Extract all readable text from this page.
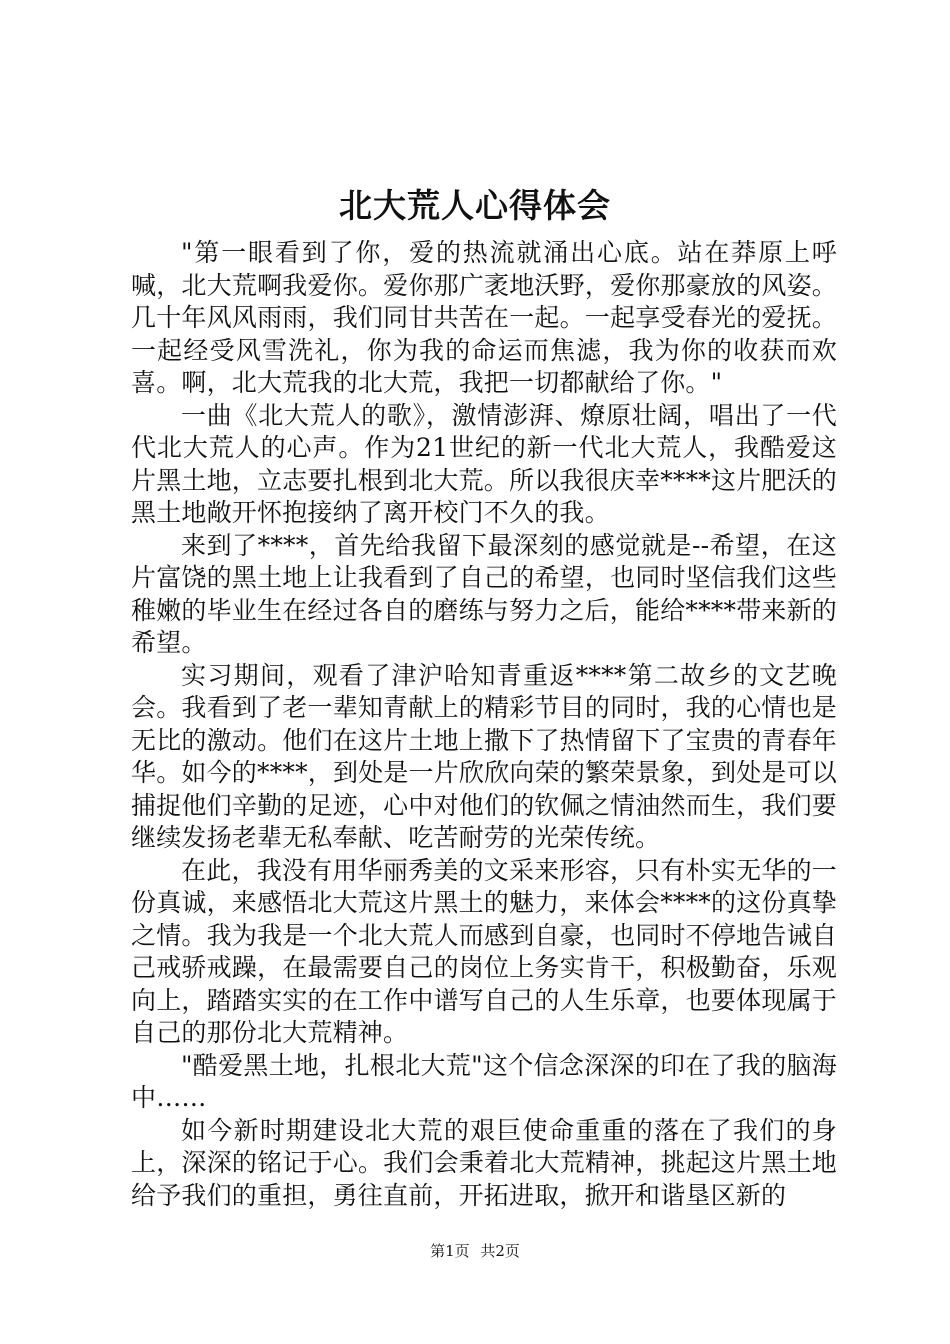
北大荒人心得体会

"第一眼看到了你，爱的热流就涌出心底。站在莽原上呼喊，北大荒啊我爱你。爱你那广袤地沃野，爱你那豪放的风姿。几十年风风雨雨，我们同甘共苦在一起。一起享受春光的爱抚。一起经受风雪洗礼，你为我的命运而焦滤，我为你的收获而欢喜。啊，北大荒我的北大荒，我把一切都献给了你。"

一曲《北大荒人的歌》，激情澎湃、燎原壮阔，唱出了一代代北大荒人的心声。作为21世纪的新一代北大荒人，我酷爱这片黑土地，立志要扎根到北大荒。所以我很庆幸****这片肥沃的黑土地敞开怀抱接纳了离开校门不久的我。

来到了****，首先给我留下最深刻的感觉就是--希望，在这片富饶的黑土地上让我看到了自己的希望，也同时坚信我们这些稚嫩的毕业生在经过各自的磨练与努力之后，能给****带来新的希望。

实习期间，观看了津沪哈知青重返****第二故乡的文艺晚会。我看到了老一辈知青献上的精彩节目的同时，我的心情也是无比的激动。他们在这片土地上撒下了热情留下了宝贵的青春年华。如今的****，到处是一片欣欣向荣的繁荣景象，到处是可以捕捉他们辛勤的足迹，心中对他们的钦佩之情油然而生，我们要继续发扬老辈无私奉献、吃苦耐劳的光荣传统。

在此，我没有用华丽秀美的文采来形容，只有朴实无华的一份真诚，来感悟北大荒这片黑土的魅力，来体会****的这份真挚之情。我为我是一个北大荒人而感到自豪，也同时不停地告诫自己戒骄戒躁，在最需要自己的岗位上务实肯干，积极勤奋，乐观向上，踏踏实实的在工作中谱写自己的人生乐章，也要体现属于自己的那份北大荒精神。

"酷爱黑土地，扎根北大荒"这个信念深深的印在了我的脑海中……

如今新时期建设北大荒的艰巨使命重重的落在了我们的身上，深深的铭记于心。我们会秉着北大荒精神，挑起这片黑土地给予我们的重担，勇往直前，开拓进取，掀开和谐垦区新的

第1页 共2页
